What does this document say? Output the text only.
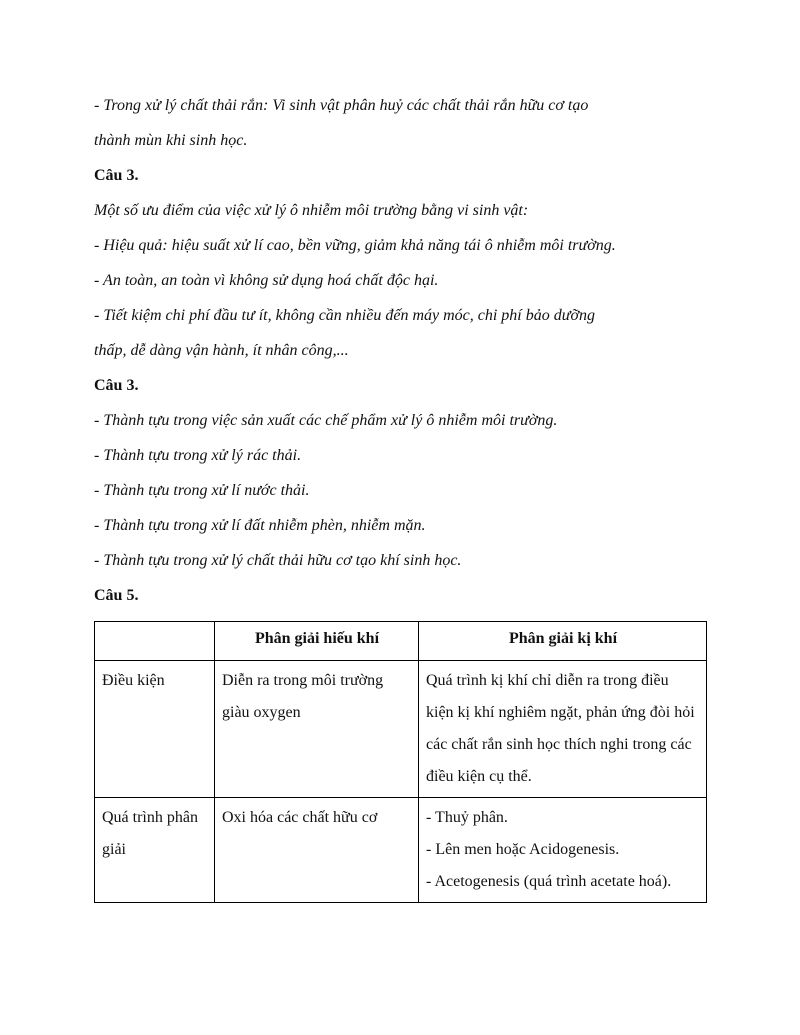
- Trong xử lý chất thải rắn: Vi sinh vật phân huỷ các chất thải rắn hữu cơ tạo

thành mùn khi sinh học.

Câu 3.

Một số ưu điểm của việc xử lý ô nhiễm môi trường bằng vi sinh vật:

- Hiệu quả: hiệu suất xử lí cao, bền vững, giảm khả năng tái ô nhiễm môi trường.

- An toàn, an toàn vì không sử dụng hoá chất độc hại.

- Tiết kiệm chi phí đầu tư ít, không cần nhiều đến máy móc, chi phí bảo dưỡng

thấp, dễ dàng vận hành, ít nhân công,...

Câu 3.

- Thành tựu trong việc sản xuất các chế phẩm xử lý ô nhiễm môi trường.

- Thành tựu trong xử lý rác thải.

- Thành tựu trong xử lí nước thải.

- Thành tựu trong xử lí đất nhiễm phèn, nhiễm mặn.

- Thành tựu trong xử lý chất thải hữu cơ tạo khí sinh học.

Câu 5.

	Phân giải hiếu khí	Phân giải kị khí
Điều kiện	Diễn ra trong môi trường giàu oxygen	Quá trình kị khí chỉ diễn ra trong điều kiện kị khí nghiêm ngặt, phản ứng đòi hỏi các chất rắn sinh học thích nghi trong các điều kiện cụ thể.
Quá trình phân giải	Oxi hóa các chất hữu cơ	- Thuỷ phân.
- Lên men hoặc Acidogenesis.
- Acetogenesis (quá trình acetate hoá).
